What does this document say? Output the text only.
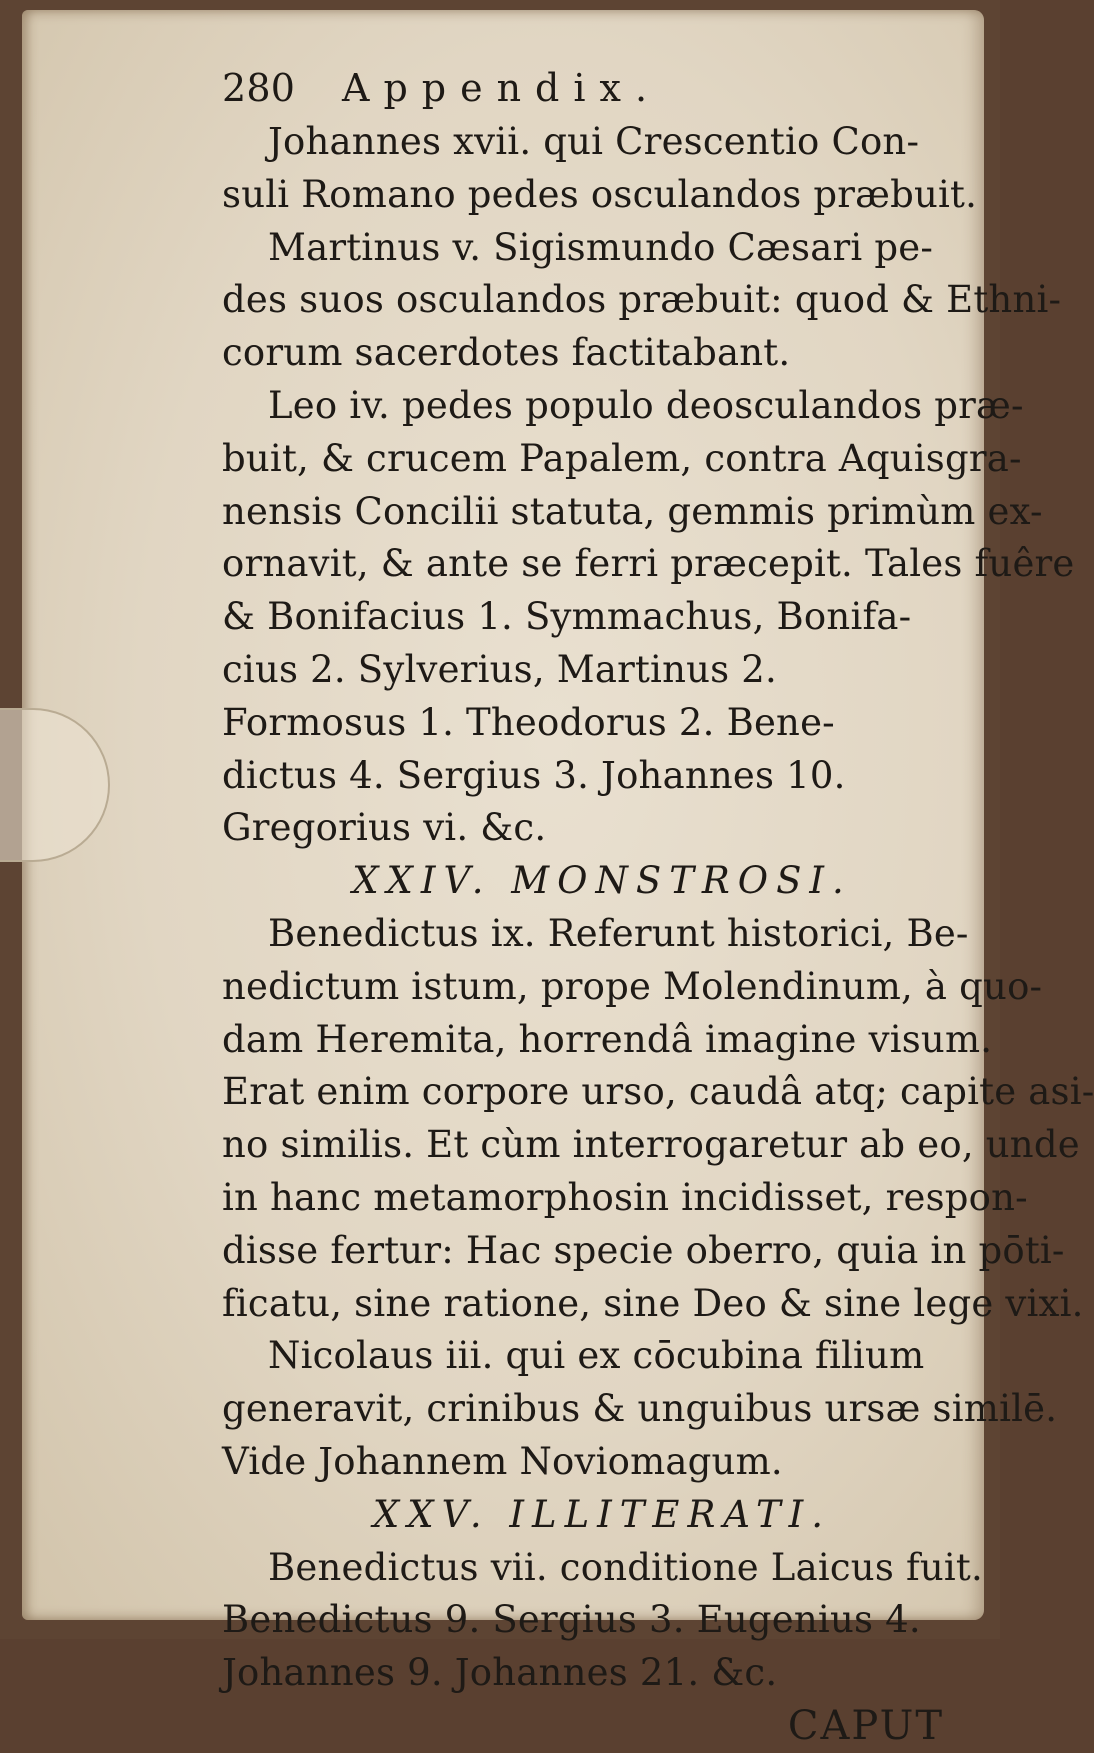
280	Appendix.
Johannes xvii. qui Crescentio Con-
suli Romano pedes osculandos præbuit.
Martinus v. Sigismundo Cæsari pe-
des suos osculandos præbuit: quod & Ethni-
corum sacerdotes factitabant.
Leo iv. pedes populo deosculandos præ-
buit, & crucem Papalem, contra Aquisgra-
nensis Concilii statuta, gemmis primùm ex-
ornavit, & ante se ferri præcepit. Tales fuêre
& Bonifacius 1. Symmachus, Bonifa-
cius 2. Sylverius, Martinus 2.
Formosus 1. Theodorus 2. Bene-
dictus 4. Sergius 3. Johannes 10.
Gregorius vi. &c.
XXIV. MONSTROSI.
Benedictus ix. Referunt historici, Be-
nedictum istum, prope Molendinum, à quo-
dam Heremita, horrendâ imagine visum.
Erat enim corpore urso, caudâ atq; capite asi-
no similis. Et cùm interrogaretur ab eo, unde
in hanc metamorphosin incidisset, respon-
disse fertur: Hac specie oberro, quia in pōti-
ficatu, sine ratione, sine Deo & sine lege vixi.
Nicolaus iii. qui ex cōcubina filium
generavit, crinibus & unguibus ursæ similē.
Vide Johannem Noviomagum.
XXV. ILLITERATI.
Benedictus vii. conditione Laicus fuit.
Benedictus 9. Sergius 3. Eugenius 4.
Johannes 9. Johannes 21. &c.
CAPUT
